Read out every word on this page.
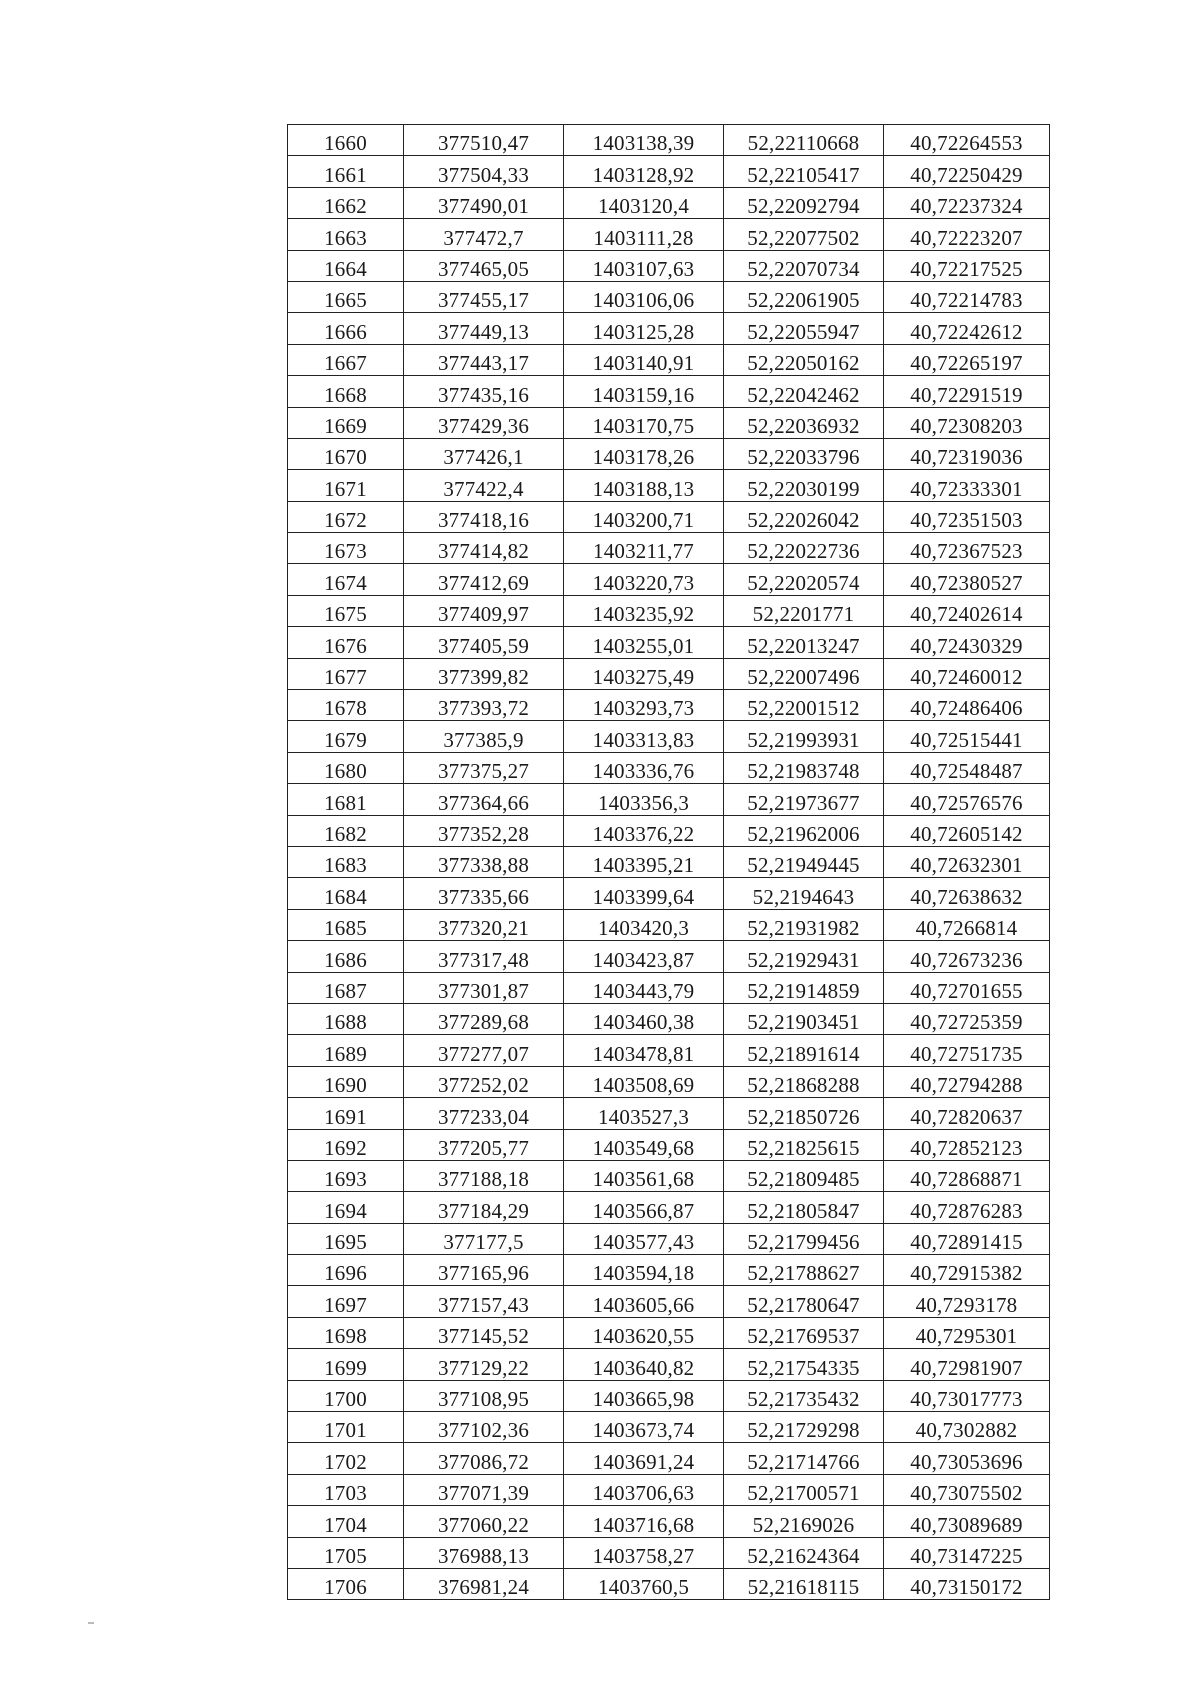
1660	377510,47	1403138,39	52,22110668	40,72264553
1661	377504,33	1403128,92	52,22105417	40,72250429
1662	377490,01	1403120,4	52,22092794	40,72237324
1663	377472,7	1403111,28	52,22077502	40,72223207
1664	377465,05	1403107,63	52,22070734	40,72217525
1665	377455,17	1403106,06	52,22061905	40,72214783
1666	377449,13	1403125,28	52,22055947	40,72242612
1667	377443,17	1403140,91	52,22050162	40,72265197
1668	377435,16	1403159,16	52,22042462	40,72291519
1669	377429,36	1403170,75	52,22036932	40,72308203
1670	377426,1	1403178,26	52,22033796	40,72319036
1671	377422,4	1403188,13	52,22030199	40,72333301
1672	377418,16	1403200,71	52,22026042	40,72351503
1673	377414,82	1403211,77	52,22022736	40,72367523
1674	377412,69	1403220,73	52,22020574	40,72380527
1675	377409,97	1403235,92	52,2201771	40,72402614
1676	377405,59	1403255,01	52,22013247	40,72430329
1677	377399,82	1403275,49	52,22007496	40,72460012
1678	377393,72	1403293,73	52,22001512	40,72486406
1679	377385,9	1403313,83	52,21993931	40,72515441
1680	377375,27	1403336,76	52,21983748	40,72548487
1681	377364,66	1403356,3	52,21973677	40,72576576
1682	377352,28	1403376,22	52,21962006	40,72605142
1683	377338,88	1403395,21	52,21949445	40,72632301
1684	377335,66	1403399,64	52,2194643	40,72638632
1685	377320,21	1403420,3	52,21931982	40,7266814
1686	377317,48	1403423,87	52,21929431	40,72673236
1687	377301,87	1403443,79	52,21914859	40,72701655
1688	377289,68	1403460,38	52,21903451	40,72725359
1689	377277,07	1403478,81	52,21891614	40,72751735
1690	377252,02	1403508,69	52,21868288	40,72794288
1691	377233,04	1403527,3	52,21850726	40,72820637
1692	377205,77	1403549,68	52,21825615	40,72852123
1693	377188,18	1403561,68	52,21809485	40,72868871
1694	377184,29	1403566,87	52,21805847	40,72876283
1695	377177,5	1403577,43	52,21799456	40,72891415
1696	377165,96	1403594,18	52,21788627	40,72915382
1697	377157,43	1403605,66	52,21780647	40,7293178
1698	377145,52	1403620,55	52,21769537	40,7295301
1699	377129,22	1403640,82	52,21754335	40,72981907
1700	377108,95	1403665,98	52,21735432	40,73017773
1701	377102,36	1403673,74	52,21729298	40,7302882
1702	377086,72	1403691,24	52,21714766	40,73053696
1703	377071,39	1403706,63	52,21700571	40,73075502
1704	377060,22	1403716,68	52,2169026	40,73089689
1705	376988,13	1403758,27	52,21624364	40,73147225
1706	376981,24	1403760,5	52,21618115	40,73150172
